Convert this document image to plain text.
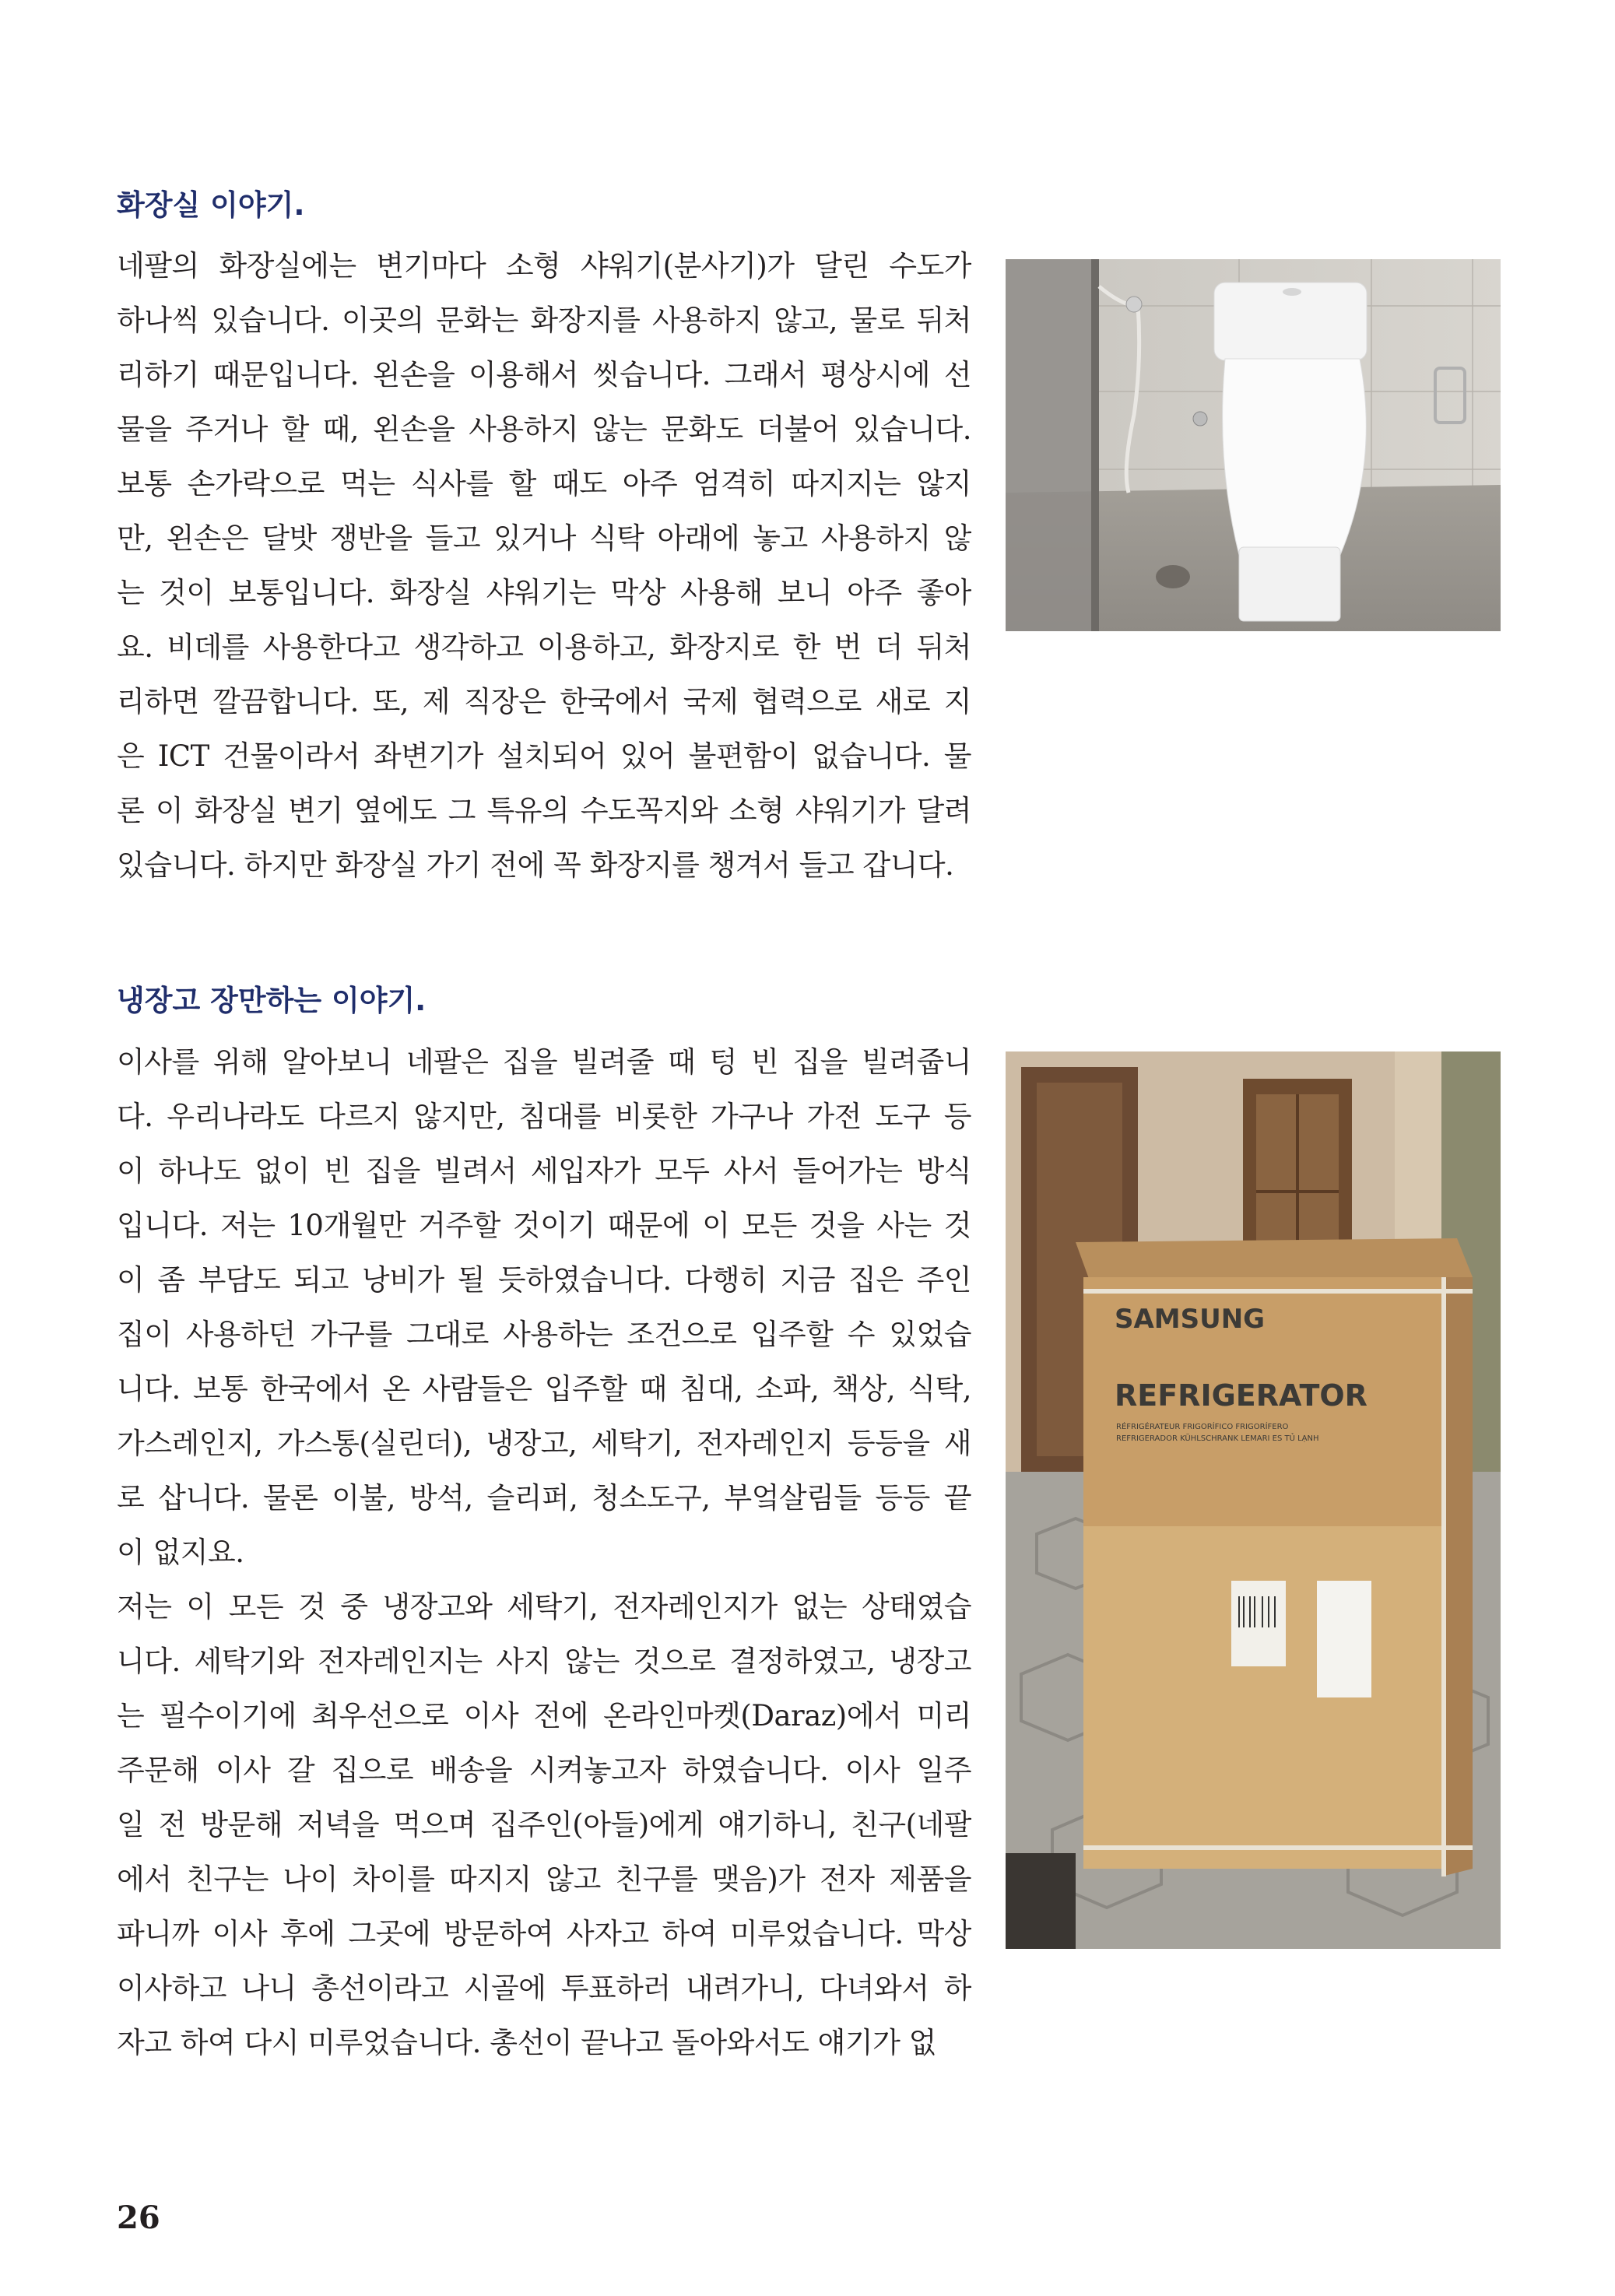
화장실 이야기.
네팔의 화장실에는 변기마다 소형 샤워기(분사기)가 달린 수도가
하나씩 있습니다. 이곳의 문화는 화장지를 사용하지 않고, 물로 뒤처
리하기 때문입니다. 왼손을 이용해서 씻습니다. 그래서 평상시에 선
물을 주거나 할 때, 왼손을 사용하지 않는 문화도 더불어 있습니다.
보통 손가락으로 먹는 식사를 할 때도 아주 엄격히 따지지는 않지
만, 왼손은 달밧 쟁반을 들고 있거나 식탁 아래에 놓고 사용하지 않
는 것이 보통입니다. 화장실 샤워기는 막상 사용해 보니 아주 좋아
요. 비데를 사용한다고 생각하고 이용하고, 화장지로 한 번 더 뒤처
리하면 깔끔합니다. 또, 제 직장은 한국에서 국제 협력으로 새로 지
은 ICT 건물이라서 좌변기가 설치되어 있어 불편함이 없습니다. 물
론 이 화장실 변기 옆에도 그 특유의 수도꼭지와 소형 샤워기가 달려
있습니다. 하지만 화장실 가기 전에 꼭 화장지를 챙겨서 들고 갑니다.
냉장고 장만하는 이야기.
이사를 위해 알아보니 네팔은 집을 빌려줄 때 텅 빈 집을 빌려줍니
다. 우리나라도 다르지 않지만, 침대를 비롯한 가구나 가전 도구 등
이 하나도 없이 빈 집을 빌려서 세입자가 모두 사서 들어가는 방식
입니다. 저는 10개월만 거주할 것이기 때문에 이 모든 것을 사는 것
이 좀 부담도 되고 낭비가 될 듯하였습니다. 다행히 지금 집은 주인
집이 사용하던 가구를 그대로 사용하는 조건으로 입주할 수 있었습
니다. 보통 한국에서 온 사람들은 입주할 때 침대, 소파, 책상, 식탁,
가스레인지, 가스통(실린더), 냉장고, 세탁기, 전자레인지 등등을 새
로 삽니다. 물론 이불, 방석, 슬리퍼, 청소도구, 부엌살림들 등등 끝
이 없지요.
저는 이 모든 것 중 냉장고와 세탁기, 전자레인지가 없는 상태였습
니다. 세탁기와 전자레인지는 사지 않는 것으로 결정하였고, 냉장고
는 필수이기에 최우선으로 이사 전에 온라인마켓(Daraz)에서 미리
주문해 이사 갈 집으로 배송을 시켜놓고자 하였습니다. 이사 일주
일 전 방문해 저녁을 먹으며 집주인(아들)에게 얘기하니, 친구(네팔
에서 친구는 나이 차이를 따지지 않고 친구를 맺음)가 전자 제품을
파니까 이사 후에 그곳에 방문하여 사자고 하여 미루었습니다. 막상
이사하고 나니 총선이라고 시골에 투표하러 내려가니, 다녀와서 하
자고 하여 다시 미루었습니다. 총선이 끝나고 돌아와서도 얘기가 없
SAMSUNG
REFRIGERATOR
RÉFRIGÉRATEUR FRIGORÍFICO FRIGORÍFERO
REFRIGERADOR KÜHLSCHRANK LEMARI ES TỦ LẠNH
26
